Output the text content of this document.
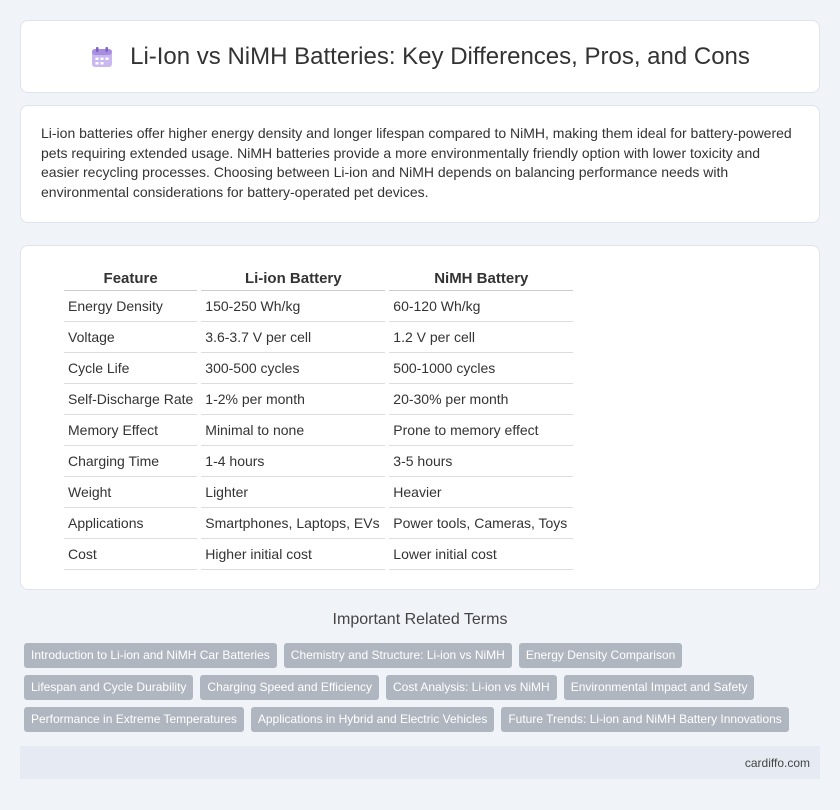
Li-Ion vs NiMH Batteries: Key Differences, Pros, and Cons

Li-ion batteries offer higher energy density and longer lifespan compared to NiMH, making them ideal for battery-powered pets requiring extended usage. NiMH batteries provide a more environmentally friendly option with lower toxicity and easier recycling processes. Choosing between Li-ion and NiMH depends on balancing performance needs with environmental considerations for battery-operated pet devices.

Feature	Li-ion Battery	NiMH Battery
Energy Density	150-250 Wh/kg	60-120 Wh/kg
Voltage	3.6-3.7 V per cell	1.2 V per cell
Cycle Life	300-500 cycles	500-1000 cycles
Self-Discharge Rate	1-2% per month	20-30% per month
Memory Effect	Minimal to none	Prone to memory effect
Charging Time	1-4 hours	3-5 hours
Weight	Lighter	Heavier
Applications	Smartphones, Laptops, EVs	Power tools, Cameras, Toys
Cost	Higher initial cost	Lower initial cost
Important Related Terms
Introduction to Li-ion and NiMH Car Batteries	Chemistry and Structure: Li-ion vs NiMH	Energy Density Comparison
Lifespan and Cycle Durability	Charging Speed and Efficiency	Cost Analysis: Li-ion vs NiMH	Environmental Impact and Safety
Performance in Extreme Temperatures	Applications in Hybrid and Electric Vehicles	Future Trends: Li-ion and NiMH Battery Innovations
cardiffo.com
